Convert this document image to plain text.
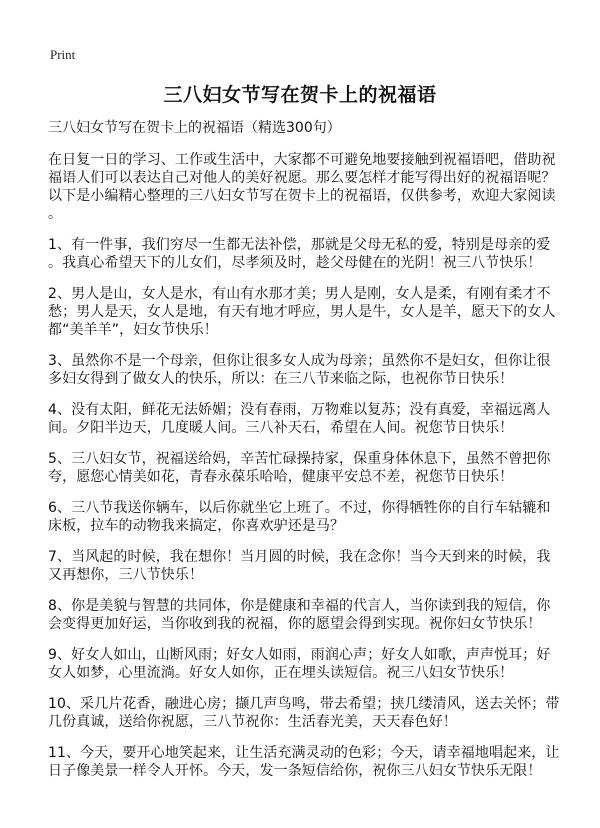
Print
三八妇女节写在贺卡上的祝福语
三八妇女节写在贺卡上的祝福语（精选300句）
在日复一日的学习、工作或生活中，大家都不可避免地要接触到祝福语吧，借助祝
福语人们可以表达自己对他人的美好祝愿。那么要怎样才能写得出好的祝福语呢？
以下是小编精心整理的三八妇女节写在贺卡上的祝福语，仅供参考，欢迎大家阅读
。
1、有一件事，我们穷尽一生都无法补偿，那就是父母无私的爱，特别是母亲的爱
。我真心希望天下的儿女们，尽孝须及时，趁父母健在的光阴！祝三八节快乐！
2、男人是山，女人是水，有山有水那才美；男人是刚，女人是柔，有刚有柔才不
愁；男人是天，女人是地，有天有地才呼应，男人是牛，女人是羊，愿天下的女人
都“美羊羊”，妇女节快乐！
3、虽然你不是一个母亲，但你让很多女人成为母亲；虽然你不是妇女，但你让很
多妇女得到了做女人的快乐，所以：在三八节来临之际，也祝你节日快乐！
4、没有太阳，鲜花无法娇媚；没有春雨，万物难以复苏；没有真爱，幸福远离人
间。夕阳半边天，几度暖人间。三八补天石，希望在人间。祝您节日快乐！
5、三八妇女节，祝福送给妈，辛苦忙碌操持家，保重身体休息下，虽然不曾把你
夸，愿您心情美如花，青春永葆乐哈哈，健康平安总不差，祝您节日快乐！
6、三八节我送你辆车，以后你就坐它上班了。不过，你得牺牲你的自行车轱辘和
床板，拉车的动物我来搞定，你喜欢驴还是马？
7、当风起的时候，我在想你！当月圆的时候，我在念你！当今天到来的时候，我
又再想你，三八节快乐！
8、你是美貌与智慧的共同体，你是健康和幸福的代言人，当你读到我的短信，你
会变得更加好运，当你收到我的祝福，你的愿望会得到实现。祝你妇女节快乐！
9、好女人如山，山断风雨；好女人如雨，雨润心声；好女人如歌，声声悦耳；好
女人如梦，心里流淌。好女人如你，正在埋头读短信。祝三八妇女节快乐！
10、采几片花香，融进心房；撷几声鸟鸣，带去希望；挟几缕清风，送去关怀；带
几份真诚，送给你祝愿，三八节祝你：生活春光美，天天春色好！
11、今天，要开心地笑起来，让生活充满灵动的色彩；今天，请幸福地唱起来，让
日子像美景一样令人开怀。今天，发一条短信给你，祝你三八妇女节快乐无限！
